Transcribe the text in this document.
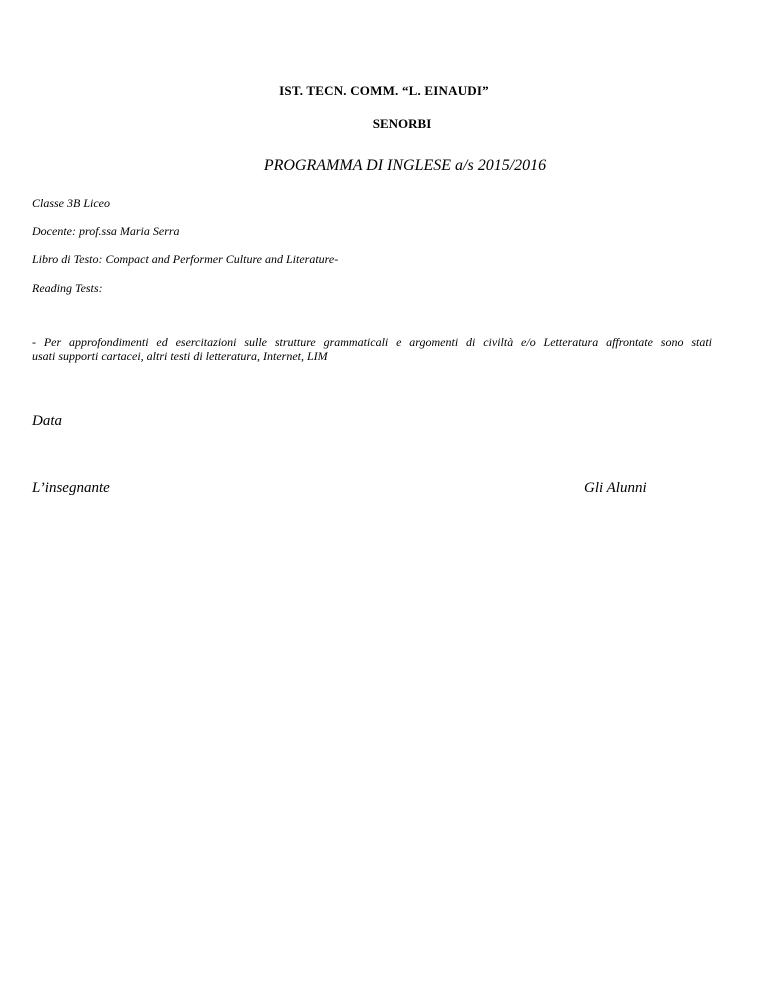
IST. TECN. COMM. “L. EINAUDI”
SENORBI
PROGRAMMA DI INGLESE a/s 2015/2016
Classe 3B Liceo
Docente: prof.ssa Maria Serra
Libro di Testo: Compact and Performer Culture and Literature-
Reading Tests:
- Per approfondimenti ed esercitazioni sulle strutture grammaticali e argomenti di civiltà e/o Letteratura affrontate sono stati
usati supporti cartacei, altri testi di letteratura, Internet, LIM
Data
L’insegnante	Gli Alunni
